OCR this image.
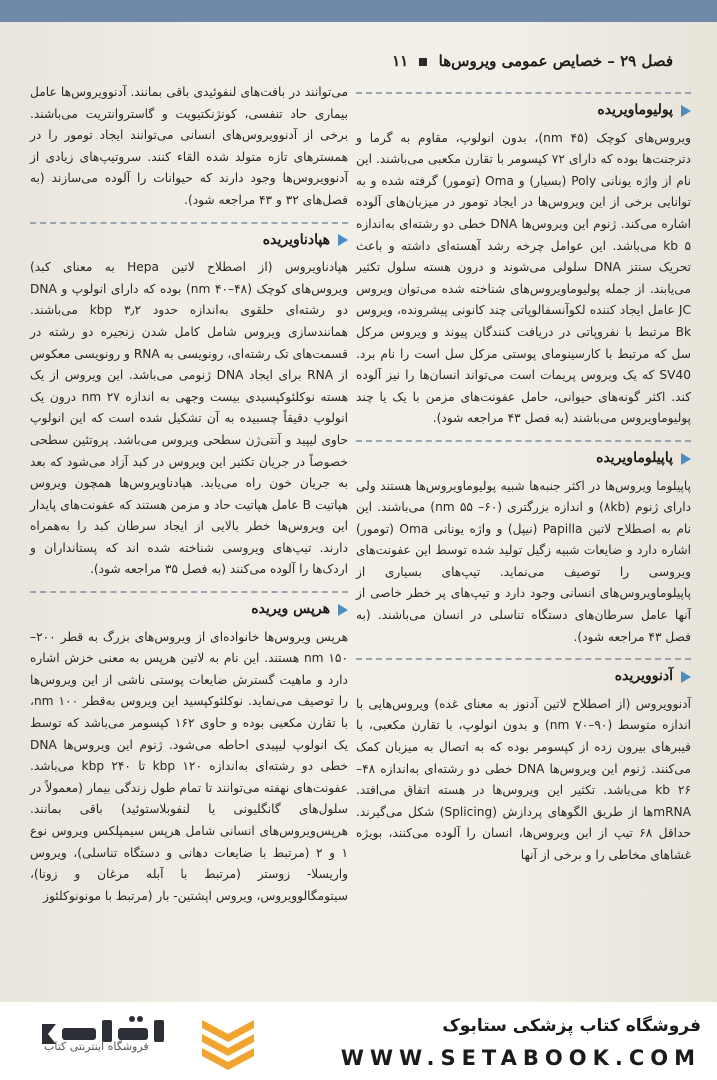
فصل ۲۹ – خصایص عمومی ویروس‌ها  ۱۱
پولیوماویریده

ویروس‌های کوچک (۴۵ nm)، بدون انولوپ، مقاوم به گرما و دترجنت‌ها بوده که دارای ۷۲ کپسومر با تقارن مکعبی می‌باشند. این نام از واژه یونانی Poly (بسیار) و Oma (تومور) گرفته شده و به توانایی برخی از این ویروس‌ها در ایجاد تومور در میزبان‌های آلوده اشاره می‌کند. ژنوم این ویروس‌ها DNA خطی دو رشته‌ای به‌اندازه ۵ kb می‌باشد. این عوامل چرخه رشد آهسته‌ای داشته و باعث تحریک سنتز DNA سلولی می‌شوند و درون هسته سلول تکثیر می‌یابند. از جمله پولیوماویروس‌های شناخته شده می‌توان ویروس JC عامل ایجاد کننده لکوآنسفالوپاتی چند کانونی پیشرونده، ویروس Bk مرتبط با نفروپاتی در دریافت کنندگان پیوند و ویروس مرکل سل که مرتبط با کارسینومای پوستی مرکل سل است را نام برد. SV40 که یک ویروس پریمات است می‌تواند انسان‌ها را نیز آلوده کند. اکثر گونه‌های حیوانی، حامل عفونت‌های مزمن با یک یا چند پولیوماویروس می‌باشند (به فصل ۴۳ مراجعه شود).

پاپیلوماویریده

پاپیلوما ویروس‌ها در اکثر جنبه‌ها شبیه پولیوماویروس‌ها هستند ولی دارای ژنوم (۸kb) و اندازه بزرگتری (۶۰– ۵۵ nm) می‌باشند. این نام به اصطلاح لاتین Papilla (نیپل) و واژه یونانی Oma (تومور) اشاره دارد و ضایعات شبیه زگیل تولید شده توسط این عفونت‌های ویروسی را توصیف می‌نماید. تیپ‌های بسیاری از پاپیلوماویروس‌های انسانی وجود دارد و تیپ‌های پر خطر خاصی از آنها عامل سرطان‌های دستگاه تناسلی در انسان می‌باشند. (به فصل ۴۳ مراجعه شود).

آدنوویریده

آدنوویروس (از اصطلاح لاتین آدنوز به معنای غده) ویروس‌هایی با اندازه متوسط (۹۰–۷۰ nm) و بدون انولوپ، با تقارن مکعبی، با فیبرهای بیرون زده از کپسومر بوده که به اتصال به میزبان کمک می‌کنند. ژنوم این ویروس‌ها DNA خطی دو رشته‌ای به‌اندازه ۴۸–۲۶ kb می‌باشد. تکثیر این ویروس‌ها در هسته اتفاق می‌افتد. mRNAها از طریق الگوهای پردازش (Splicing) شکل می‌گیرند. حداقل ۶۸ تیپ از این ویروس‌ها، انسان را آلوده می‌کنند، بویژه غشاهای مخاطی را و برخی از آنها

می‌توانند در بافت‌های لنفوئیدی باقی بمانند. آدنوویروس‌ها عامل بیماری حاد تنفسی، کونژنکتیویت و گاستروانتریت می‌باشند. برخی از آدنوویروس‌های انسانی می‌توانند ایجاد تومور را در همسترهای تازه متولد شده القاء کنند. سروتیپ‌های زیادی از آدنوویروس‌ها وجود دارند که حیوانات را آلوده می‌سازند (به فصل‌های ۳۲ و ۴۳ مراجعه شود).

هپادناویریده

هپادناویروس (از اصطلاح لاتین Hepa به معنای کبد) ویروس‌های کوچک (۴۸–۴۰ nm) بوده که دارای انولوپ و DNA دو رشته‌ای حلقوی به‌اندازه حدود ۳٫۲ kbp می‌باشند. همانندسازی ویروس شامل کامل شدن زنجیره دو رشته در قسمت‌های تک رشته‌ای، رونویسی به RNA و رونویسی معکوس از RNA برای ایجاد DNA ژنومی می‌باشد. این ویروس از یک هسته نوکلئوکپسیدی بیست وجهی به اندازه ۲۷ nm درون یک انولوپ دقیقاً چسبیده به آن تشکیل شده است که این انولوپ حاوی لیپید و آنتی‌ژن سطحی ویروس می‌باشد. پروتئین سطحی خصوصاً در جریان تکثیر این ویروس در کبد آزاد می‌شود که بعد به جریان خون راه می‌یابد. هپادناویروس‌ها همچون ویروس هپاتیت B عامل هپاتیت حاد و مزمن هستند که عفونت‌های پایدار این ویروس‌ها خطر بالایی از ایجاد سرطان کبد را به‌همراه دارند. تیپ‌های ویروسی شناخته شده اند که پستانداران و اردک‌ها را آلوده می‌کنند (به فصل ۳۵ مراجعه شود).

هرپس ویریده

هرپس ویروس‌ها خانواده‌ای از ویروس‌های بزرگ به قطر ۲۰۰–۱۵۰ nm هستند. این نام به لاتین هرپس به معنی خزش اشاره دارد و ماهیت گسترش ضایعات پوستی ناشی از این ویروس‌ها را توصیف می‌نماید. نوکلئوکپسید این ویروس به‌قطر nm ۱۰۰، با تقارن مکعبی بوده و حاوی ۱۶۲ کپسومر می‌باشد که توسط یک انولوپ لیپیدی احاطه می‌شود. ژنوم این ویروس‌ها DNA خطی دو رشته‌ای به‌اندازه ۱۲۰ kbp تا ۲۴۰ kbp می‌باشد. عفونت‌های نهفته می‌توانند تا تمام طول زندگی بیمار (معمولاً در سلول‌های گانگلیونی یا لنفوبلاستوئید) باقی بمانند. هرپس‌ویروس‌های انسانی شامل هرپس سیمپلکس ویروس نوع ۱ و ۲ (مرتبط با ضایعات دهانی و دستگاه تناسلی)، ویروس واریسلا- زوستر (مرتبط با آبله مرغان و زونا)، سیتومگالوویروس، ویروس اپشتین- بار (مرتبط با مونونوکلئوز

فروشگاه اینترنتی کتاب
فروشگاه کتاب پزشکی ستابوک
WWW.SETABOOK.COM
